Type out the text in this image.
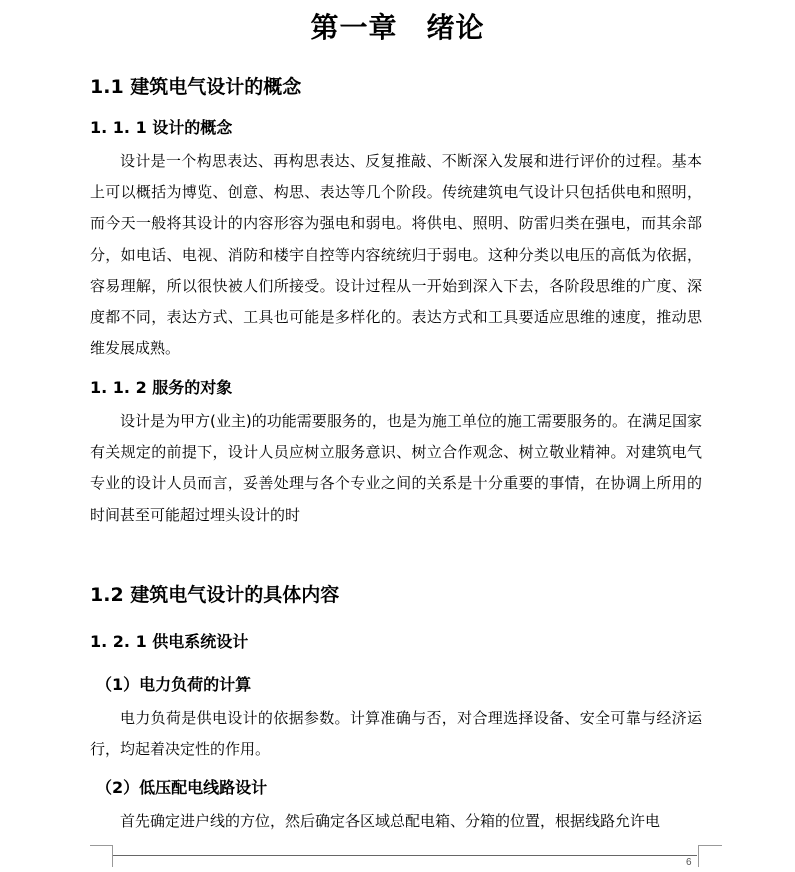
第一章　绪论
1.1 建筑电气设计的概念
1. 1. 1 设计的概念

设计是一个构思表达、再构思表达、反复推敲、不断深入发展和进行评价的过程。基本上可以概括为博览、创意、构思、表达等几个阶段。传统建筑电气设计只包括供电和照明，而今天一般将其设计的内容形容为强电和弱电。将供电、照明、防雷归类在强电，而其余部分，如电话、电视、消防和楼宇自控等内容统统归于弱电。这种分类以电压的高低为依据，容易理解，所以很快被人们所接受。设计过程从一开始到深入下去，各阶段思维的广度、深度都不同，表达方式、工具也可能是多样化的。表达方式和工具要适应思维的速度，推动思维发展成熟。

1. 1. 2 服务的对象

设计是为甲方(业主)的功能需要服务的，也是为施工单位的施工需要服务的。在满足国家有关规定的前提下，设计人员应树立服务意识、树立合作观念、树立敬业精神。对建筑电气专业的设计人员而言，妥善处理与各个专业之间的关系是十分重要的事情，在协调上所用的时间甚至可能超过埋头设计的时

1.2 建筑电气设计的具体内容
1. 2. 1 供电系统设计
（1）电力负荷的计算

电力负荷是供电设计的依据参数。计算准确与否，对合理选择设备、安全可靠与经济运行，均起着决定性的作用。

（2）低压配电线路设计

首先确定进户线的方位，然后确定各区域总配电箱、分箱的位置，根据线路允许电

6
